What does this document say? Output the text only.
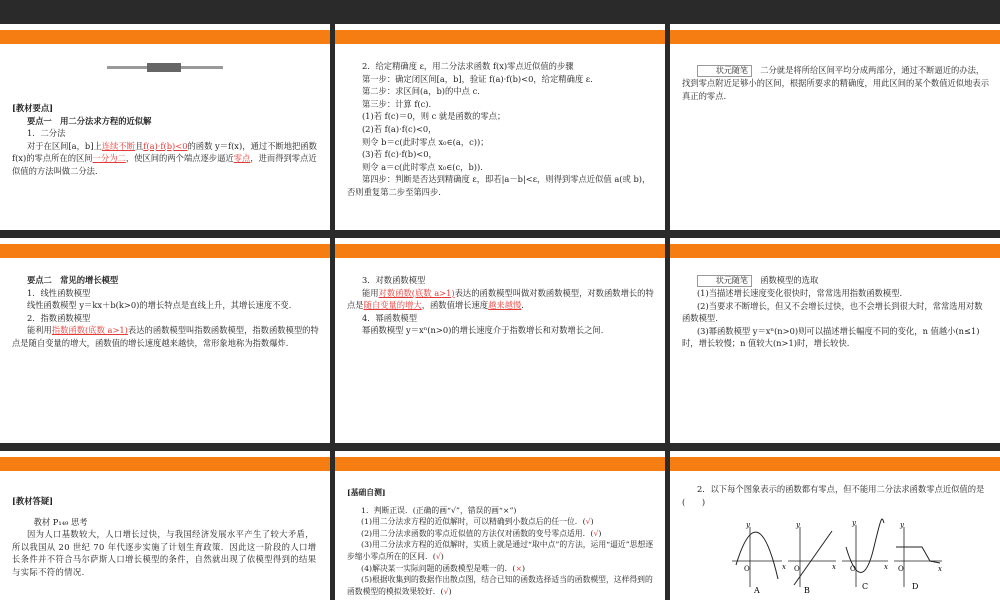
[教材要点]

要点一　用二分法求方程的近似解

1．二分法

对于在区间[a，b]上连续不断且f(a)·f(b)<0的函数 y＝f(x)，通过不断地把函数 f(x)的零点所在的区间一分为二，使区间的两个端点逐步逼近零点，进而得到零点近似值的方法叫做二分法.

2．给定精确度 ε，用二分法求函数 f(x)零点近似值的步骤

第一步：确定闭区间[a，b]，验证 f(a)·f(b)<0，给定精确度 ε.

第二步：求区间(a，b)的中点 c.

第三步：计算 f(c).

(1)若 f(c)＝0，则 c 就是函数的零点；

(2)若 f(a)·f(c)<0，

则令 b＝c(此时零点 x₀∈(a，c))；

(3)若 f(c)·f(b)<0，

则令 a＝c(此时零点 x₀∈(c，b)).

第四步：判断是否达到精确度 ε，即若|a－b|<ε，则得到零点近似值 a(或 b)，否则重复第二步至第四步.

状元随笔　 二分就是将所给区间平均分成两部分，通过不断逼近的办法，找到零点附近足够小的区间，根据所要求的精确度，用此区间的某个数值近似地表示真正的零点.

要点二　常见的增长模型

1．线性函数模型

线性函数模型 y＝kx＋b(k>0)的增长特点是直线上升，其增长速度不变.

2．指数函数模型

能利用指数函数(底数 a>1)表达的函数模型叫指数函数模型，指数函数模型的特点是随自变量的增大，函数值的增长速度越来越快，常形象地称为指数爆炸.

3．对数函数模型

能用对数函数(底数 a>1)表达的函数模型叫做对数函数模型，对数函数增长的特点是随自变量的增大，函数值增长速度越来越慢.

4．幂函数模型

幂函数模型 y＝xⁿ(n>0)的增长速度介于指数增长和对数增长之间.

状元随笔　 函数模型的选取

(1)当描述增长速度变化很快时，常常选用指数函数模型.

(2)当要求不断增长，但又不会增长过快，也不会增长到很大时，常常选用对数函数模型.

(3)幂函数模型 y＝xⁿ(n>0)则可以描述增长幅度不同的变化，n 值越小(n≤1)时，增长较慢；n 值较大(n>1)时，增长较快.

[教材答疑]

教材 P₁₄₉ 思考

因为人口基数较大，人口增长过快，与我国经济发展水平产生了较大矛盾，所以我国从 20 世纪 70 年代逐步实施了计划生育政策．因此这一阶段的人口增长条件并不符合马尔萨斯人口增长模型的条件，自然就出现了依模型得到的结果与实际不符的情况.

[基础自测]

1．判断正误．(正确的画“√”，错误的画“×”)

(1)用二分法求方程的近似解时，可以精确到小数点后的任一位．(√)

(2)用二分法求函数的零点近似值的方法仅对函数的变号零点适用．(√)

(3)用二分法求方程的近似解时，实质上就是通过“取中点”的方法，运用“逼近”思想逐步缩小零点所在的区间．(√)

(4)解决某一实际问题的函数模型是唯一的．(×)

(5)根据收集到的数据作出散点图，结合已知的函数选择适当的函数模型，这样得到的函数模型的模拟效果较好．(√)

2．以下每个图象表示的函数都有零点，但不能用二分法求函数零点近似值的是(　　)

O	x
y
A
O	x
y
B
O	x
y
C
O	x
y
D
